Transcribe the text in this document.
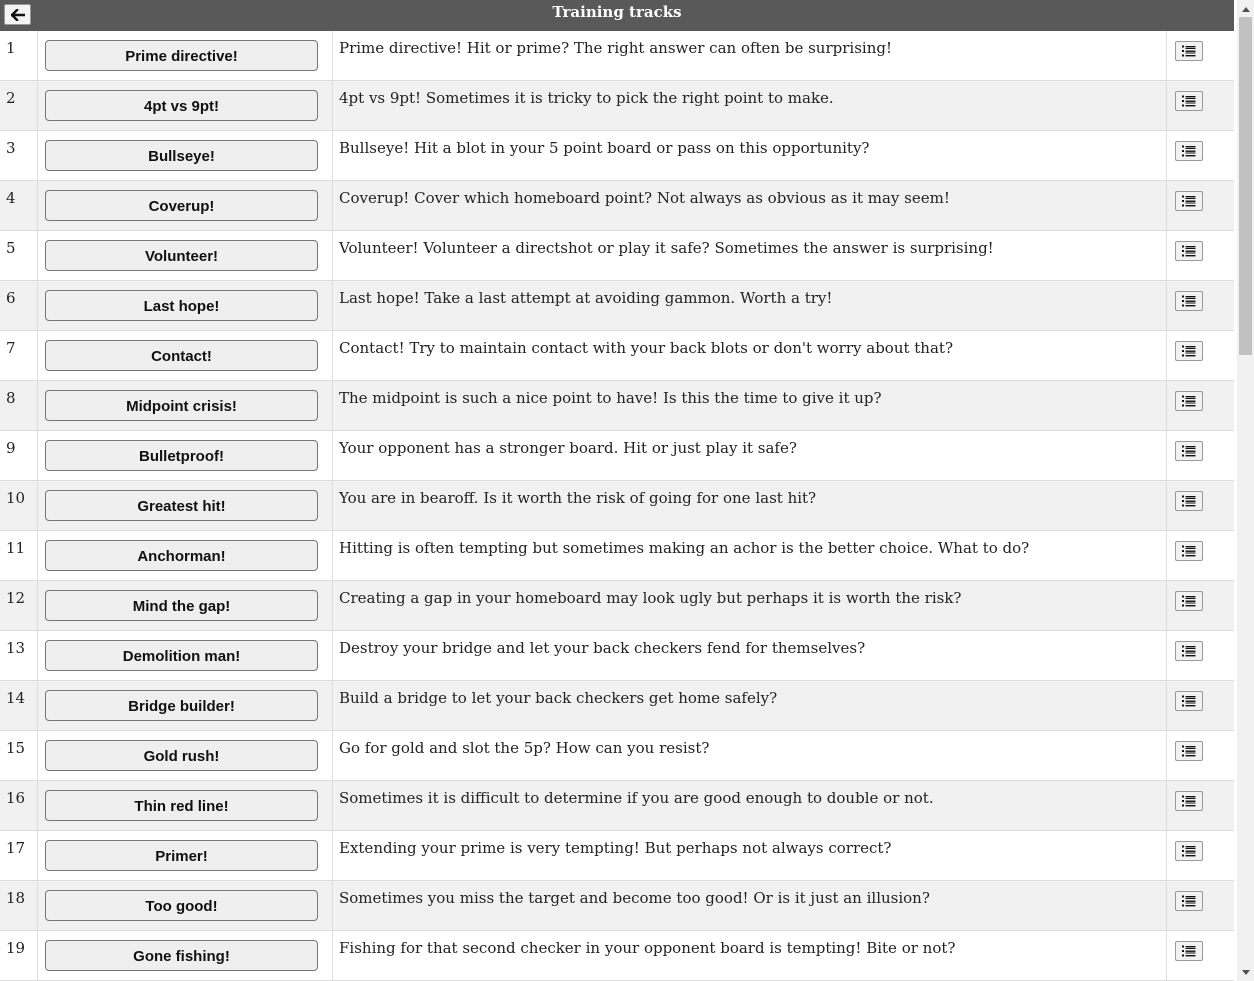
Training tracks
1	Prime directive!	Prime directive! Hit or prime? The right answer can often be surprising!
2	4pt vs 9pt!	4pt vs 9pt! Sometimes it is tricky to pick the right point to make.
3	Bullseye!	Bullseye! Hit a blot in your 5 point board or pass on this opportunity?
4	Coverup!	Coverup! Cover which homeboard point? Not always as obvious as it may seem!
5	Volunteer!	Volunteer! Volunteer a directshot or play it safe? Sometimes the answer is surprising!
6	Last hope!	Last hope! Take a last attempt at avoiding gammon. Worth a try!
7	Contact!	Contact! Try to maintain contact with your back blots or don't worry about that?
8	Midpoint crisis!	The midpoint is such a nice point to have! Is this the time to give it up?
9	Bulletproof!	Your opponent has a stronger board. Hit or just play it safe?
10	Greatest hit!	You are in bearoff. Is it worth the risk of going for one last hit?
11	Anchorman!	Hitting is often tempting but sometimes making an achor is the better choice. What to do?
12	Mind the gap!	Creating a gap in your homeboard may look ugly but perhaps it is worth the risk?
13	Demolition man!	Destroy your bridge and let your back checkers fend for themselves?
14	Bridge builder!	Build a bridge to let your back checkers get home safely?
15	Gold rush!	Go for gold and slot the 5p? How can you resist?
16	Thin red line!	Sometimes it is difficult to determine if you are good enough to double or not.
17	Primer!	Extending your prime is very tempting! But perhaps not always correct?
18	Too good!	Sometimes you miss the target and become too good! Or is it just an illusion?
19	Gone fishing!	Fishing for that second checker in your opponent board is tempting! Bite or not?
